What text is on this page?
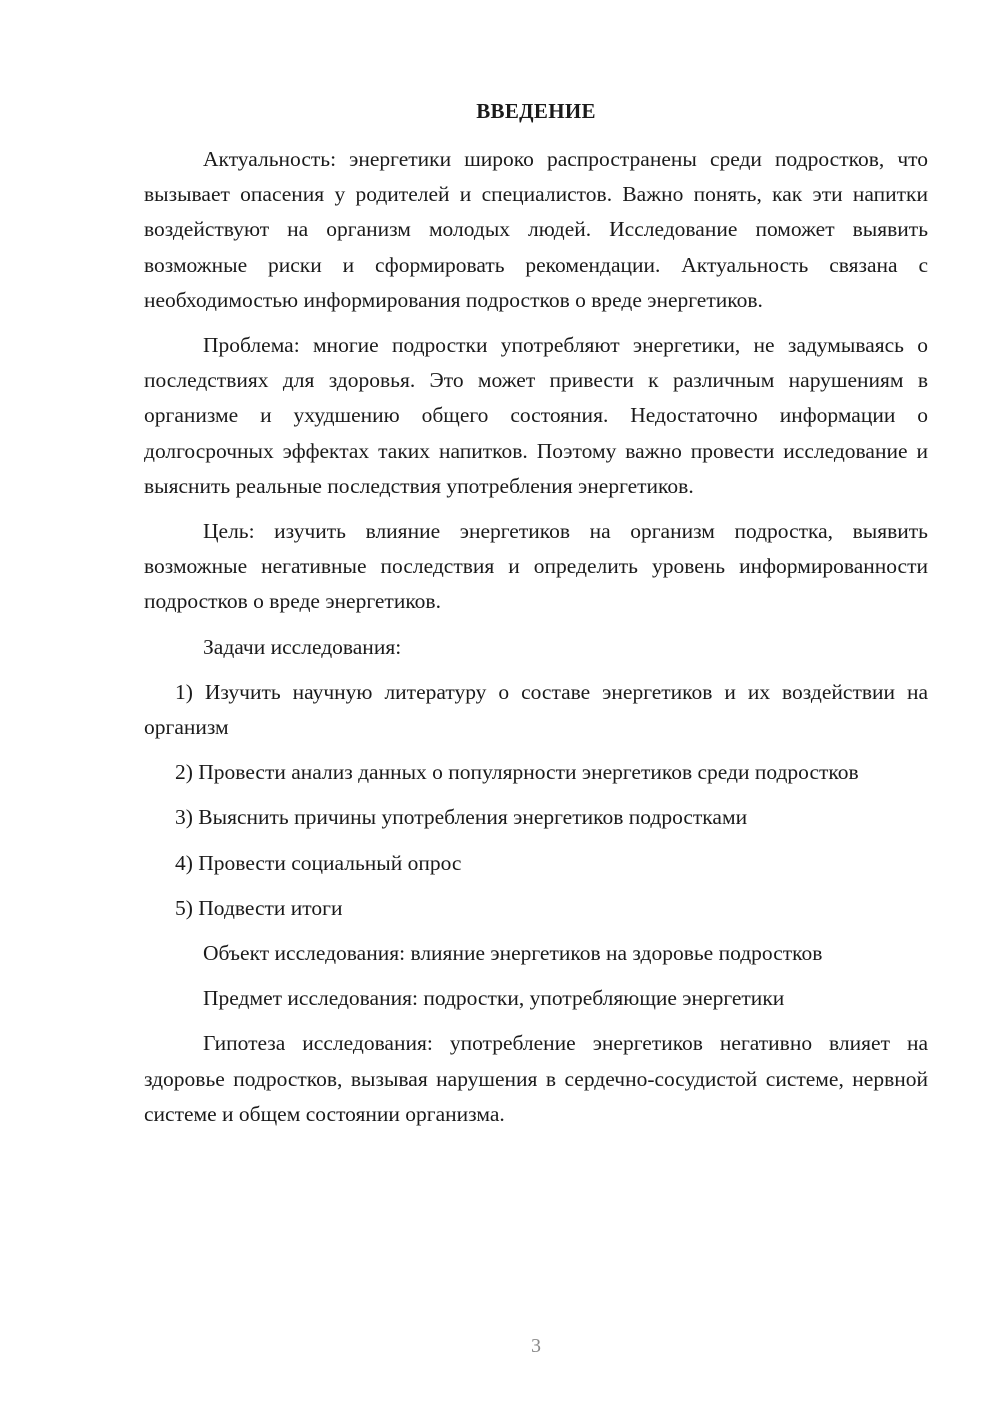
ВВЕДЕНИЕ

Актуальность: энергетики широко распространены среди подростков, что вызывает опасения у родителей и специалистов. Важно понять, как эти напитки воздействуют на организм молодых людей. Исследование поможет выявить возможные риски и сформировать рекомендации. Актуальность связана с необходимостью информирования подростков о вреде энергетиков.

Проблема: многие подростки употребляют энергетики, не задумываясь о последствиях для здоровья. Это может привести к различным нарушениям в организме и ухудшению общего состояния. Недостаточно информации о долгосрочных эффектах таких напитков. Поэтому важно провести исследование и выяснить реальные последствия употребления энергетиков.

Цель: изучить влияние энергетиков на организм подростка, выявить возможные негативные последствия и определить уровень информированности подростков о вреде энергетиков.

Задачи исследования:

1) Изучить научную литературу о составе энергетиков и их воздействии на организм

2) Провести анализ данных о популярности энергетиков среди подростков

3) Выяснить причины употребления энергетиков подростками

4) Провести социальный опрос

5) Подвести итоги

Объект исследования: влияние энергетиков на здоровье подростков

Предмет исследования: подростки, употребляющие энергетики

Гипотеза исследования: употребление энергетиков негативно влияет на здоровье подростков, вызывая нарушения в сердечно-сосудистой системе, нервной системе и общем состоянии организма.

3
